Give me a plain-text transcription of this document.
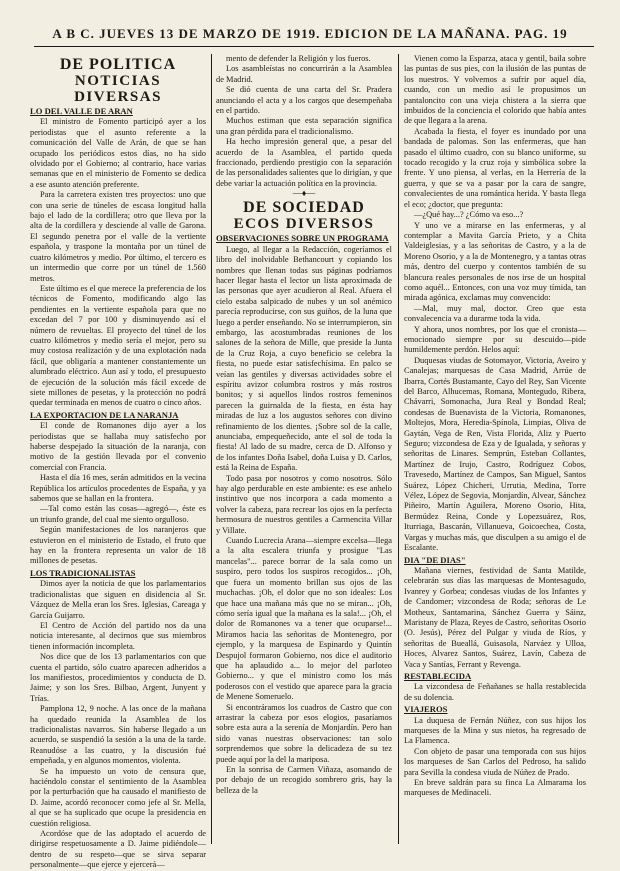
A B C. JUEVES 13 DE MARZO DE 1919. EDICION DE LA MAÑANA. PAG. 19
DE POLITICA
NOTICIAS DIVERSAS
LO DEL VALLE DE ARAN

El ministro de Fomento participó ayer a los periodistas que el asunto referente a la comunicación del Valle de Arán, de que se han ocupado los periódicos estos días, no ha sido olvidado por el Gobierno; al contrario, hace varias semanas que en el ministerio de Fomento se dedica a ese asunto atención preferente.

Para la carretera existen tres proyectos: uno que con una serie de túneles de escasa longitud halla bajo el lado de la cordillera; otro que lleva por la alta de la cordillera y desciende al valle de Garona. El segundo penetra por el valle de la vertiente española, y traspone la montaña por un túnel de cuatro kilómetros y medio. Por último, el tercero es un intermedio que corre por un túnel de 1.560 metros.

Este último es el que merece la preferencia de los técnicos de Fomento, modificando algo las pendientes en la vertiente española para que no excedan del 7 por 100 y disminuyendo así el número de revueltas. El proyecto del túnel de los cuatro kilómetros y medio sería el mejor, pero su muy costosa realización y de una explotación nada fácil, que obligaría a mantener constantemente un alumbrado eléctrico. Aun así y todo, el presupuesto de ejecución de la solución más fácil excede de siete millones de pesetas, y la protección no podrá quedar terminada en menos de cuatro o cinco años.

LA EXPORTACION DE LA NARANJA

El conde de Romanones dijo ayer a los periodistas que se hallaba muy satisfecho por haberse despejado la situación de la naranja, con motivo de la gestión llevada por el convenio comercial con Francia.

Hasta el día 16 mes, serán admitidos en la vecina República los artículos procedentes de España, y ya sabemos que se hallan en la frontera.

—Tal como están las cosas—agregó—, éste es un triunfo grande, del cual me siento orgulloso.

Según manifestaciones de los naranjeros que estuvieron en el ministerio de Estado, el fruto que hay en la frontera representa un valor de 18 millones de pesetas.

LOS TRADICIONALISTAS

Dimos ayer la noticia de que los parlamentarios tradicionalistas que siguen en disidencia al Sr. Vázquez de Mella eran los Sres. Iglesias, Careaga y García Guijarro.

El Centro de Acción del partido nos da una noticia interesante, al decirnos que sus miembros tienen información incompleta.

Nos dice que de los 13 parlamentarios con que cuenta el partido, sólo cuatro aparecen adheridos a los manifiestos, procedimientos y conducta de D. Jaime; y son los Sres. Bilbao, Argent, Junyent y Trías.

Pamplona 12, 9 noche. A las once de la mañana ha quedado reunida la Asamblea de los tradicionalistas navarros. Sin haberse llegado a un acuerdo, se suspendió la sesión a la una de la tarde. Reanudóse a las cuatro, y la discusión fué empeñada, y en algunos momentos, violenta.

Se ha impuesto un voto de censura que, haciéndolo constar el sentimiento de la Asamblea por la perturbación que ha causado el manifiesto de D. Jaime, acordó reconocer como jefe al Sr. Mella, al que se ha suplicado que ocupe la presidencia en cuestión religiosa.

Acordóse que de las adoptado el acuerdo de dirigirse respetuosamente a D. Jaime pidiéndole—dentro de su respeto—que se sirva separar personalmente—que ejerce y ejercerá—

mento de defender la Religión y los fueros.

Los asambleístas no concurrirán a la Asamblea de Madrid.

Se dió cuenta de una carta del Sr. Pradera anunciando el acta y a los cargos que desempeñaba en el partido.

Muchos estiman que esta separación significa una gran pérdida para el tradicionalismo.

Ha hecho impresión general que, a pesar del acuerdo de la Asamblea, el partido queda fraccionado, perdiendo prestigio con la separación de las personalidades salientes que lo dirigían, y que debe variar la actuación política en la provincia.

—♦—
DE SOCIEDAD
ECOS DIVERSOS
OBSERVACIONES SOBRE UN PROGRAMA

Luego, al llegar a la Redacción, cogeríamos el libro del inolvidable Bethancourt y copiando los nombres que llenan todas sus páginas podríamos hacer llegar hasta el lector un lista aproximada de las personas que ayer acudieron al Real. Afuera el cielo estaba salpicado de nubes y un sol anémico parecía reproducirse, con sus guiños, de la luna que luego a perder enseñando. No se interrumpieron, sin embargo, las acostumbradas reuniones de los salones de la señora de Mille, que preside la Junta de la Cruz Roja, a cuyo beneficio se celebra la fiesta, no puede estar satisfechísima. En palco se veían las gentiles y diversas actividades sobre el espíritu avizor columbra rostros y más rostros bonitos; y si aquellos lindos rostros femeninos parecen la guirnalda de la fiesta, en ésta hay miradas de luz a los augustos señores con divino refinamiento de los dientes. ¡Sobre sol de la calle, anunciaba, empequeñecido, ante el sol de toda la fiesta! Al lado de su madre, cerca de D. Alfonso y de los infantes Doña Isabel, doña Luisa y D. Carlos, está la Reina de España.

Todo pasa por nosotros y como nosotros. Sólo hay algo perdurable en este ambiente: es ese anhelo instintivo que nos incorpora a cada momento a volver la cabeza, para recrear los ojos en la perfecta hermosura de nuestros gentiles a Carmencita Villar y Villate.

Cuando Lucrecia Arana—siempre excelsa—llega a la alta escalera triunfa y prosigue "Las mancelas"... parece borrar de la sala como un suspiro, pero todos los suspiros recogidos... ¡Oh, que fuera un momento brillan sus ojos de las muchachas. ¡Oh, el dolor que no son ideales: Los que hace una mañana más que no se miran... ¡Oh, cómo sería igual que la mañana es la sala!... ¡Oh, el dolor de Romanones va a tener que ocuparse!... Miramos hacia las señoritas de Montenegro, por ejemplo, y la marquesa de Espinardo y Quintín Despujol formaron Gobierno, nos dice el auditorio que ha aplaudido a... lo mejor del parloteo Gobierno... y que el ministro como los más poderosos con el vestido que aparece para la gracia de Menene Someruelo.

Si encontráramos los cuadros de Castro que con arrastrar la cabeza por esos elogios, pasaríamos sobre esta aura a la serenía de Monjardín. Pero han sido vanas nuestras observaciones: tan solo sorprendemos que sobre la delicadeza de su tez puede aquí por la del la mariposa.

En la sonrisa de Carmen Viñaza, asomando de por debajo de un recogido sombrero gris, hay la belleza de la

Vienen como la Esparza, ataca y gentil, baila sobre las puntas de sus pies, con la ilusión de las puntas de los nuestros. Y volvemos a sufrir por aquel día, cuando, con un medio así le propusimos un pantaloncito con una vieja chistera a la sierra que imbuidos de la conciencia el colorido que había antes de que llegara a la arena.

Acabada la fiesta, el foyer es inundado por una bandada de palomas. Son las enfermeras, que han pasado el último cuadro, con su blanco uniforme, su tocado recogido y la cruz roja y simbólica sobre la frente. Y uno piensa, al verlas, en la Herrería de la guerra, y que se va a pasar por la cara de sangre, convalecientes de una romántica herida. Y basta llega el eco; ¿doctor, que pregunta:

—¿Qué hay...? ¿Cómo va eso...?

Y uno ve a mirarse en las enfermeras, y al contemplar a Mavita García Prieto, y a Chita Valdeiglesias, y a las señoritas de Castro, y a la de Moreno Osorio, y a la de Montenegro, y a tantas otras más, dentro del cuerpo y contentos también de su blancura reales personales de nos irse de un hospital como aquél... Entonces, con una voz muy tímida, tan mirada agónica, exclamas muy convencido:

—Mal, muy mal, doctor. Creo que esta convalecencia va a durarme toda la vida.

Y ahora, unos nombres, por los que el cronista—emocionado siempre por su descuido—pide humildemente perdón. Helos aquí:

Duquesas viudas de Sotomayor, Victoria, Aveiro y Canalejas; marquesas de Casa Madrid, Arrúe de Ibarra, Cortés Bustamante, Cayo del Rey, San Vicente del Barco, Alhucemas, Romana, Montegudo, Ribera, Chávarri, Somonacha, Jura Real y Bondad Real; condesas de Buenavista de la Victoria, Romanones, Moltejos, Mora, Heredia-Spínola, Limpias, Oliva de Gaytán, Vega de Ren, Vista Florida, Aliz y Puerto Seguro; vizcondesa de Eza y de Igualada, y señoras y señoritas de Linares. Semprún, Esteban Collantes, Martínez de Irujo, Castro, Rodríguez Cobos, Travesedo, Martínez de Campos, San Miguel, Santos Suárez, López Chicheri, Urrutia, Medina, Torre Vélez, López de Segovia, Monjardín, Alvear, Sánchez Piñeiro, Martín Aguilera, Moreno Osorio, Hita, Bermúdez Reina, Conde y Lopezsuárez, Ros, Iturriaga, Bascarán, Villanueva, Goicoechea, Costa, Vargas y muchas más, que disculpen a su amigo el de Escalante.

DIA "DE DIAS"

Mañana viernes, festividad de Santa Matilde, celebrarán sus días las marquesas de Montesagudo, Ivanrey y Gorbea; condesas viudas de los Infantes y de Candomer; vizcondesa de Roda; señoras de Le Motheux, Santamarina, Sánchez Guerra y Sáinz, Maristany de Plaza, Reyes de Castro, señoritas Osorio (O. Jesús), Pérez del Pulgar y viuda de Ríos, y señoritas de Bueallá, Guisasola, Narváez y Ulloa, Hoces, Alvarez Santos, Suárez, Lavín, Cabeza de Vaca y Santías, Ferrant y Revenga.

RESTABLECIDA

La vizcondesa de Feñañanes se halla restablecida de su dolencia.

VIAJEROS

La duquesa de Fernán Núñez, con sus hijos los marqueses de la Mina y sus nietos, ha regresado de La Flamenca.

Con objeto de pasar una temporada con sus hijos los marqueses de San Carlos del Pedroso, ha salido para Sevilla la condesa viuda de Núñez de Prado.

En breve saldrán para su finca La Almarama los marqueses de Medinaceli.
